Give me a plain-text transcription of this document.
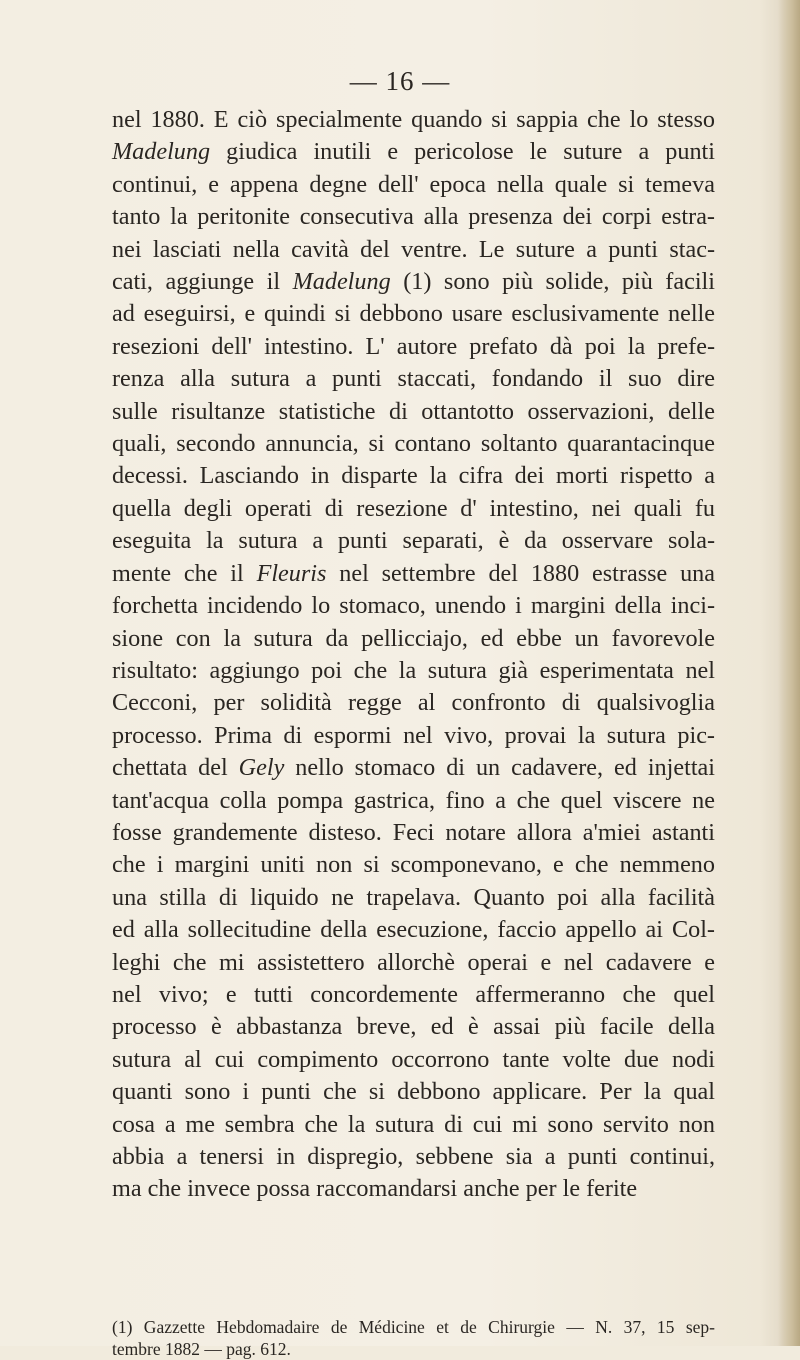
— 16 —
nel 1880. E ciò specialmente quando si sappia che lo stesso
Madelung giudica inutili e pericolose le suture a punti
continui, e appena degne dell' epoca nella quale si temeva
tanto la peritonite consecutiva alla presenza dei corpi estra-
nei lasciati nella cavità del ventre. Le suture a punti stac-
cati, aggiunge il Madelung (1) sono più solide, più facili
ad eseguirsi, e quindi si debbono usare esclusivamente nelle
resezioni dell' intestino. L' autore prefato dà poi la prefe-
renza alla sutura a punti staccati, fondando il suo dire
sulle risultanze statistiche di ottantotto osservazioni, delle
quali, secondo annuncia, si contano soltanto quarantacinque
decessi. Lasciando in disparte la cifra dei morti rispetto a
quella degli operati di resezione d' intestino, nei quali fu
eseguita la sutura a punti separati, è da osservare sola-
mente che il Fleuris nel settembre del 1880 estrasse una
forchetta incidendo lo stomaco, unendo i margini della inci-
sione con la sutura da pellicciajo, ed ebbe un favorevole
risultato: aggiungo poi che la sutura già esperimentata nel
Cecconi, per solidità regge al confronto di qualsivoglia
processo. Prima di espormi nel vivo, provai la sutura pic-
chettata del Gely nello stomaco di un cadavere, ed injettai
tant'acqua colla pompa gastrica, fino a che quel viscere ne
fosse grandemente disteso. Feci notare allora a'miei astanti
che i margini uniti non si scomponevano, e che nemmeno
una stilla di liquido ne trapelava. Quanto poi alla facilità
ed alla sollecitudine della esecuzione, faccio appello ai Col-
leghi che mi assistettero allorchè operai e nel cadavere e
nel vivo; e tutti concordemente affermeranno che quel
processo è abbastanza breve, ed è assai più facile della
sutura al cui compimento occorrono tante volte due nodi
quanti sono i punti che si debbono applicare. Per la qual
cosa a me sembra che la sutura di cui mi sono servito non
abbia a tenersi in dispregio, sebbene sia a punti continui,
ma che invece possa raccomandarsi anche per le ferite
(1) Gazzette Hebdomadaire de Médicine et de Chirurgie — N. 37, 15 sep-
tembre 1882 — pag. 612.
